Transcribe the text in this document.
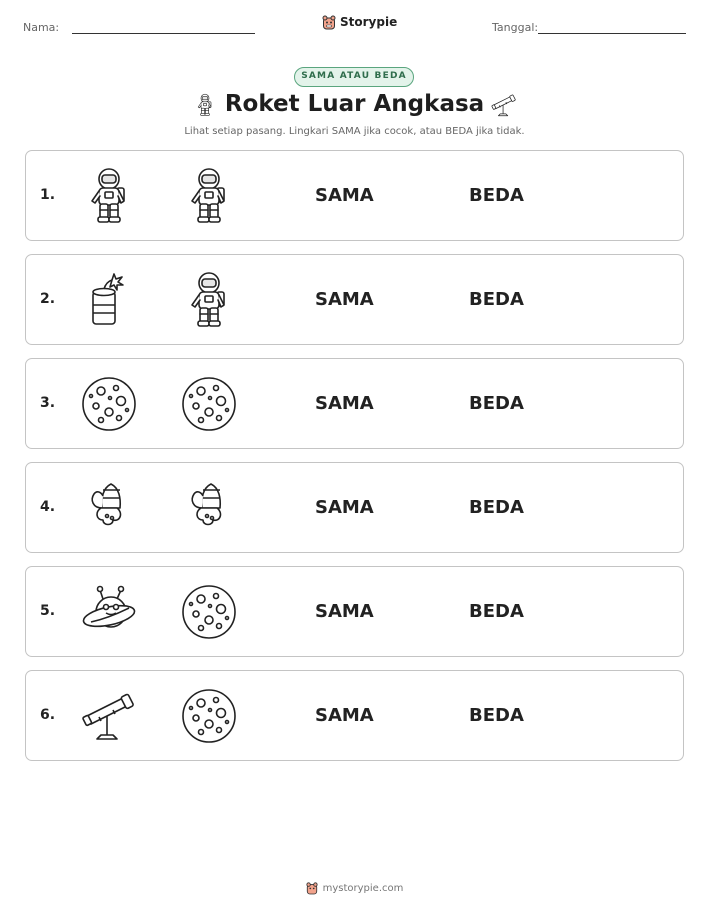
Nama:	Storypie	Tanggal:
SAMA ATAU BEDA
Roket Luar Angkasa
Lihat setiap pasang. Lingkari SAMA jika cocok, atau BEDA jika tidak.
1.	SAMA	BEDA
2.	SAMA	BEDA
3.	SAMA	BEDA
4.	SAMA	BEDA
5.	SAMA	BEDA
6.	SAMA	BEDA
mystorypie.com
